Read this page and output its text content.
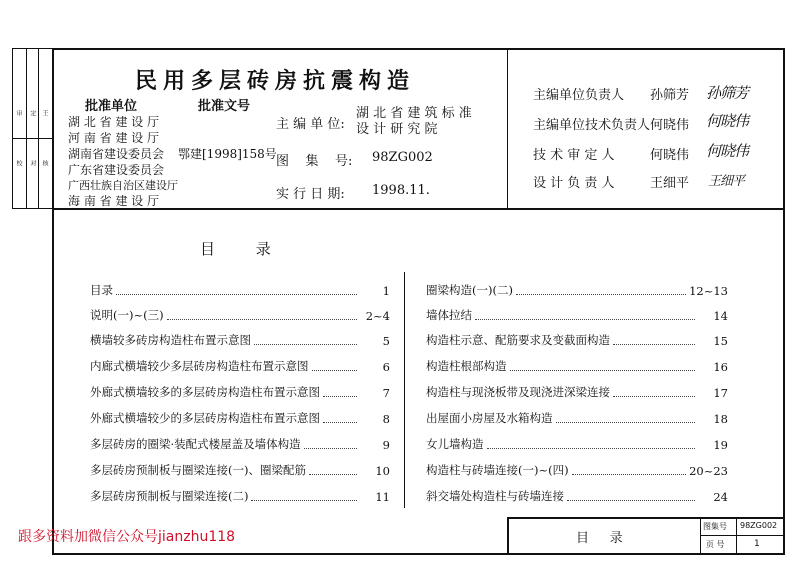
审 定 王
校 对 核
民用多层砖房抗震构造
批准单位	批准文号
湖 北 省 建 设 厅
河 南 省 建 设 厅
湖南省建设委员会
广东省建设委员会
广西壮族自治区建设厅
海 南 省 建 设 厅
鄂建[1998]158号
主 编 单 位:
湖 北 省 建 筑 标 准
设 计 研 究 院
图    集    号: 98ZG002
实 行 日 期: 1998.11.
主编单位负责人 孙筛芳 孙筛芳
主编单位技术负责人 何晓伟 何晓伟
技 术 审 定 人	何晓伟 何晓伟
设 计 负 责 人	王细平 王细平
目 录
目录	1
说明(一)~(三)	2~4
横墙较多砖房构造柱布置示意图	5
内廊式横墙较少多层砖房构造柱布置示意图	6
外廊式横墙较多的多层砖房构造柱布置示意图	7
外廊式横墙较少的多层砖房构造柱布置示意图	8
多层砖房的圈梁·装配式楼屋盖及墙体构造	9
多层砖房预制板与圈梁连接(一)、圈梁配筋	10
多层砖房预制板与圈梁连接(二)	11
圈梁构造(一)(二)	12~13
墙体拉结	14
构造柱示意、配筋要求及变截面构造	15
构造柱根部构造	16
构造柱与现浇板带及现浇进深梁连接	17
出屋面小房屋及水箱构造	18
女儿墙构造	19
构造柱与砖墙连接(一)~(四)	20~23
斜交墙处构造柱与砖墙连接	24
目     录
图集号 98ZG002
页 号	1
跟多资料加微信公众号jianzhu118
